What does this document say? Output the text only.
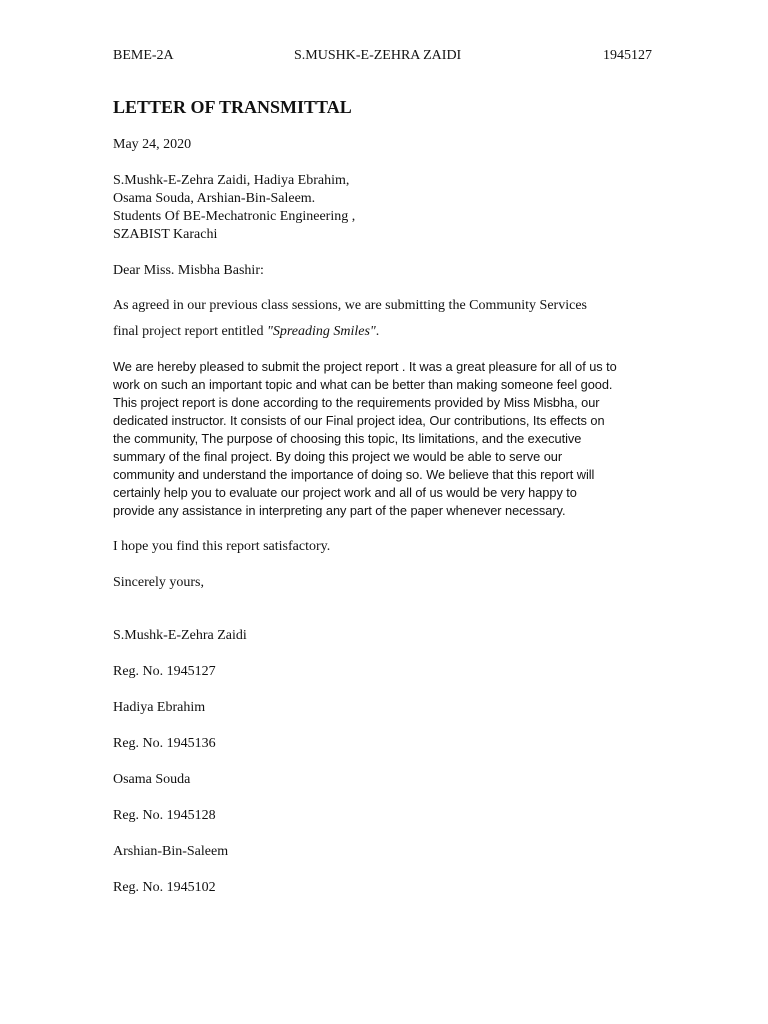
BEME-2A	S.MUSHK-E-ZEHRA ZAIDI	1945127
LETTER OF TRANSMITTAL
May 24, 2020
S.Mushk-E-Zehra Zaidi, Hadiya Ebrahim,
Osama Souda, Arshian-Bin-Saleem.
Students Of BE-Mechatronic Engineering ,
SZABIST Karachi
Dear Miss. Misbha Bashir:
As agreed in our previous class sessions, we are submitting the Community Services
final project report entitled "Spreading Smiles".
We are hereby pleased to submit the project report . It was a great pleasure for all of us to
work on such an important topic and what can be better than making someone feel good.
This project report is done according to the requirements provided by Miss Misbha, our
dedicated instructor. It consists of our Final project idea, Our contributions, Its effects on
the community, The purpose of choosing this topic, Its limitations, and the executive
summary of the final project. By doing this project we would be able to serve our
community and understand the importance of doing so. We believe that this report will
certainly help you to evaluate our project work and all of us would be very happy to
provide any assistance in interpreting any part of the paper whenever necessary.
I hope you find this report satisfactory.
Sincerely yours,
S.Mushk-E-Zehra Zaidi
Reg. No. 1945127
Hadiya Ebrahim
Reg. No. 1945136
Osama Souda
Reg. No. 1945128
Arshian-Bin-Saleem
Reg. No. 1945102
